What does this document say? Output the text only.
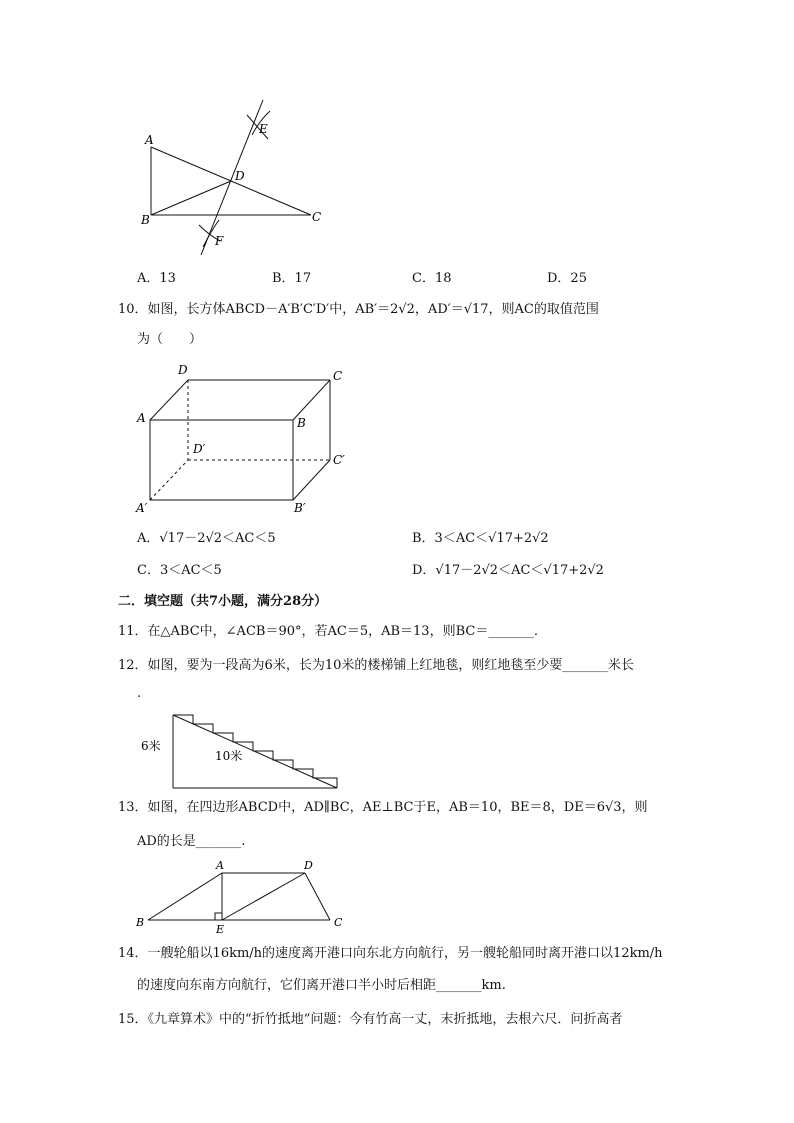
A
B	C
D
E
F
A．13	B．17	C．18	D．25
10．如图，长方体ABCD－A′B′C′D′中，AB′＝2√2，AD′＝√17，则AC的取值范围
为（　　）
D	C
A	B
D′
C′
A′	B′
A．√17－2√2＜AC＜5	B．3＜AC＜√17+2√2
C．3＜AC＜5	D．√17－2√2＜AC＜√17+2√2
二．填空题（共7小题，满分28分）
11．在△ABC中，∠ACB＝90°，若AC＝5，AB＝13，则BC＝_______.
12．如图，要为一段高为6米，长为10米的楼梯铺上红地毯，则红地毯至少要_______米长
.
6米
10米
13．如图，在四边形ABCD中，AD∥BC，AE⊥BC于E，AB＝10，BE＝8，DE＝6√3，则
AD的长是_______.
A	D
B	C
E
14．一艘轮船以16km/h的速度离开港口向东北方向航行，另一艘轮船同时离开港口以12km/h
的速度向东南方向航行，它们离开港口半小时后相距_______km.
15．《九章算术》中的“折竹抵地”问题：今有竹高一丈，末折抵地，去根六尺．问折高者
